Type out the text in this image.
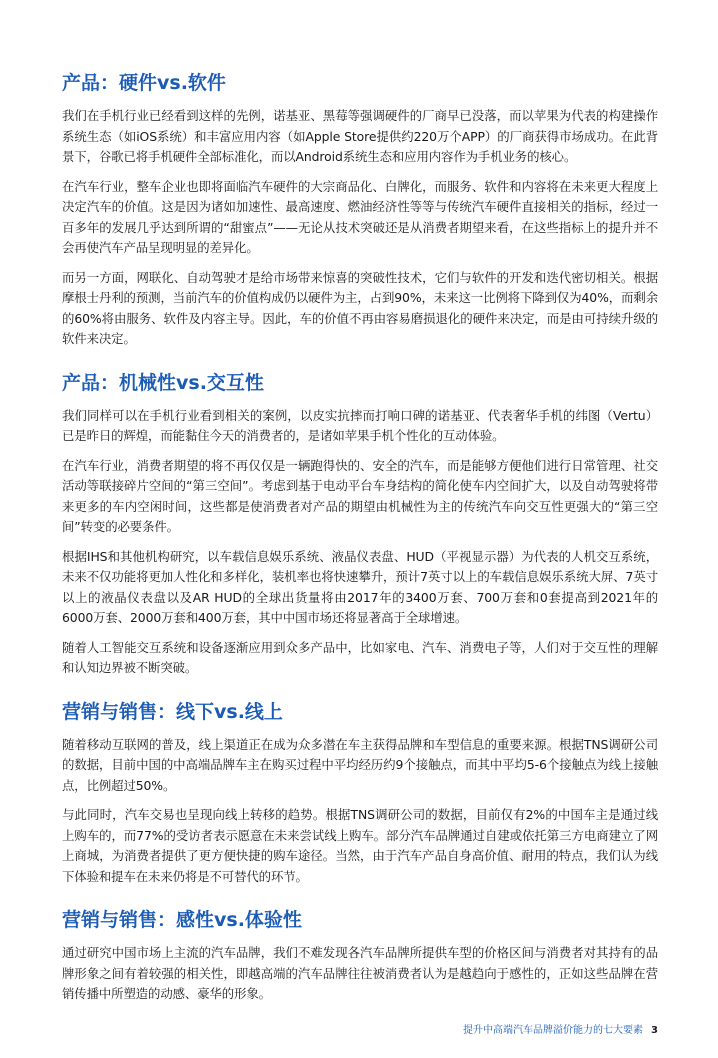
产品：硬件vs.软件

我们在手机行业已经看到这样的先例，诺基亚、黑莓等强调硬件的厂商早已没落，而以苹果为代表的构建操作系统生态（如iOS系统）和丰富应用内容（如Apple Store提供约220万个APP）的厂商获得市场成功。在此背景下，谷歌已将手机硬件全部标准化，而以Android系统生态和应用内容作为手机业务的核心。

在汽车行业，整车企业也即将面临汽车硬件的大宗商品化、白牌化，而服务、软件和内容将在未来更大程度上决定汽车的价值。这是因为诸如加速性、最高速度、燃油经济性等等与传统汽车硬件直接相关的指标，经过一百多年的发展几乎达到所谓的“甜蜜点”——无论从技术突破还是从消费者期望来看，在这些指标上的提升并不会再使汽车产品呈现明显的差异化。

而另一方面，网联化、自动驾驶才是给市场带来惊喜的突破性技术，它们与软件的开发和迭代密切相关。根据摩根士丹利的预测，当前汽车的价值构成仍以硬件为主，占到90%，未来这一比例将下降到仅为40%，而剩余的60%将由服务、软件及内容主导。因此，车的价值不再由容易磨损退化的硬件来决定，而是由可持续升级的软件来决定。

产品：机械性vs.交互性

我们同样可以在手机行业看到相关的案例，以皮实抗摔而打响口碑的诺基亚、代表奢华手机的纬图（Vertu）已是昨日的辉煌，而能黏住今天的消费者的，是诸如苹果手机个性化的互动体验。

在汽车行业，消费者期望的将不再仅仅是一辆跑得快的、安全的汽车，而是能够方便他们进行日常管理、社交活动等联接碎片空间的“第三空间”。考虑到基于电动平台车身结构的简化使车内空间扩大，以及自动驾驶将带来更多的车内空闲时间，这些都是使消费者对产品的期望由机械性为主的传统汽车向交互性更强大的“第三空间”转变的必要条件。

根据IHS和其他机构研究，以车载信息娱乐系统、液晶仪表盘、HUD（平视显示器）为代表的人机交互系统，未来不仅功能将更加人性化和多样化，装机率也将快速攀升，预计7英寸以上的车载信息娱乐系统大屏、7英寸以上的液晶仪表盘以及AR HUD的全球出货量将由2017年的3400万套、700万套和0套提高到2021年的6000万套、2000万套和400万套，其中中国市场还将显著高于全球增速。

随着人工智能交互系统和设备逐渐应用到众多产品中，比如家电、汽车、消费电子等，人们对于交互性的理解和认知边界被不断突破。

营销与销售：线下vs.线上

随着移动互联网的普及，线上渠道正在成为众多潜在车主获得品牌和车型信息的重要来源。根据TNS调研公司的数据，目前中国的中高端品牌车主在购买过程中平均经历约9个接触点，而其中平均5-6个接触点为线上接触点，比例超过50%。

与此同时，汽车交易也呈现向线上转移的趋势。根据TNS调研公司的数据，目前仅有2%的中国车主是通过线上购车的，而77%的受访者表示愿意在未来尝试线上购车。部分汽车品牌通过自建或依托第三方电商建立了网上商城，为消费者提供了更方便快捷的购车途径。当然，由于汽车产品自身高价值、耐用的特点，我们认为线下体验和提车在未来仍将是不可替代的环节。

营销与销售：感性vs.体验性

通过研究中国市场上主流的汽车品牌，我们不难发现各汽车品牌所提供车型的价格区间与消费者对其持有的品牌形象之间有着较强的相关性，即越高端的汽车品牌往往被消费者认为是越趋向于感性的，正如这些品牌在营销传播中所塑造的动感、豪华的形象。

提升中高端汽车品牌溢价能力的七大要素 3
